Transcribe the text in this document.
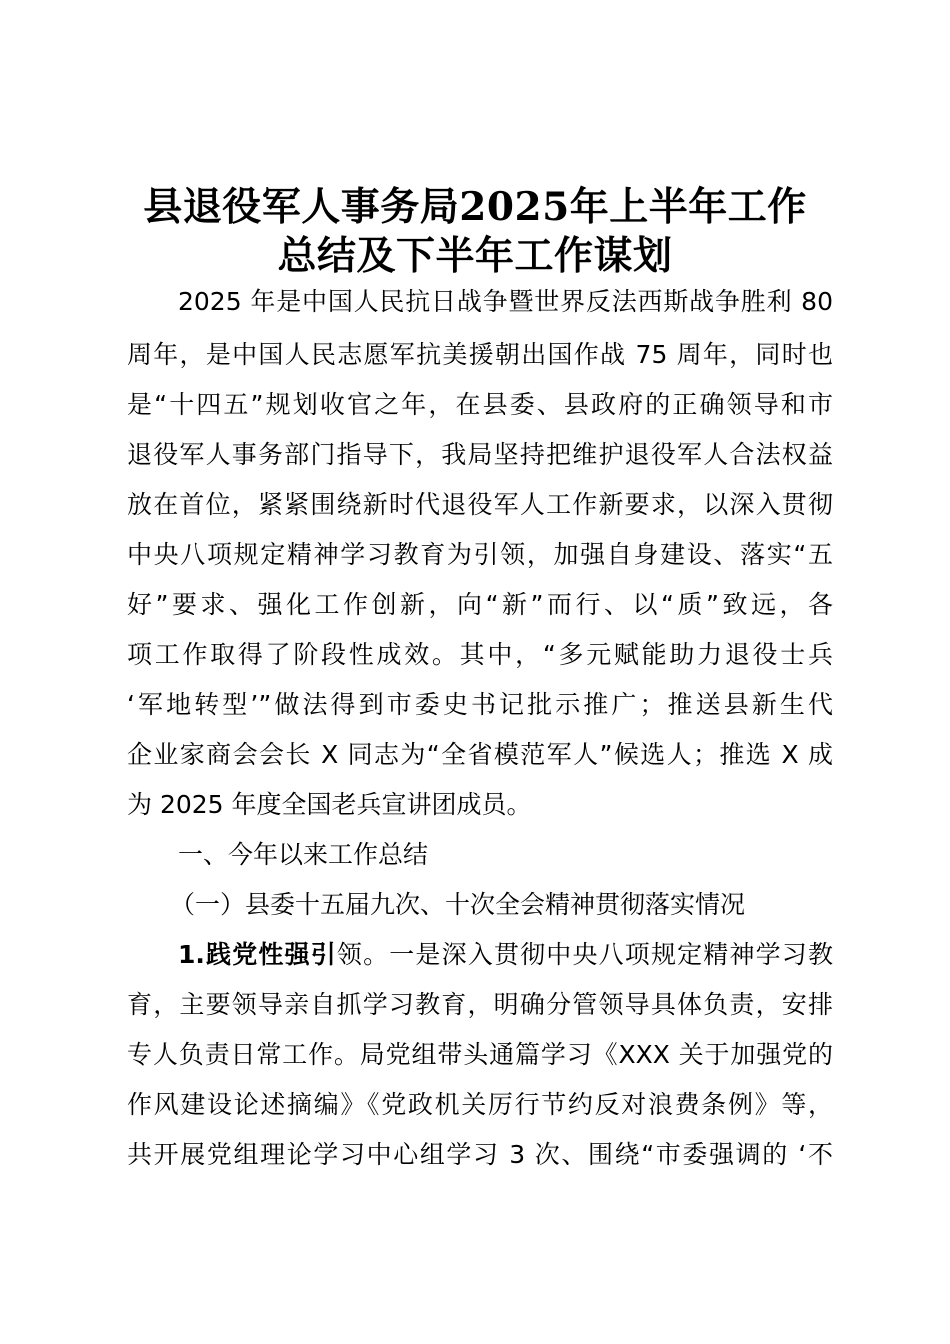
县退役军人事务局2025年上半年工作
总结及下半年工作谋划
2025 年是中国人民抗日战争暨世界反法西斯战争胜利 80
周年，是中国人民志愿军抗美援朝出国作战 75 周年，同时也
是“十四五”规划收官之年，在县委、县政府的正确领导和市
退役军人事务部门指导下，我局坚持把维护退役军人合法权益
放在首位，紧紧围绕新时代退役军人工作新要求，以深入贯彻
中央八项规定精神学习教育为引领，加强自身建设、落实“五
好”要求、强化工作创新，向“新”而行、以“质”致远，各
项工作取得了阶段性成效。其中，“多元赋能助力退役士兵
‘军地转型’”做法得到市委史书记批示推广；推送县新生代
企业家商会会长 X 同志为“全省模范军人”候选人；推选 X 成
为 2025 年度全国老兵宣讲团成员。
一、今年以来工作总结
（一）县委十五届九次、十次全会精神贯彻落实情况
1.践党性强引领。一是深入贯彻中央八项规定精神学习教
育，主要领导亲自抓学习教育，明确分管领导具体负责，安排
专人负责日常工作。局党组带头通篇学习《XXX 关于加强党的
作风建设论述摘编》《党政机关厉行节约反对浪费条例》等，
共开展党组理论学习中心组学习 3 次、围绕“市委强调的 ‘不
